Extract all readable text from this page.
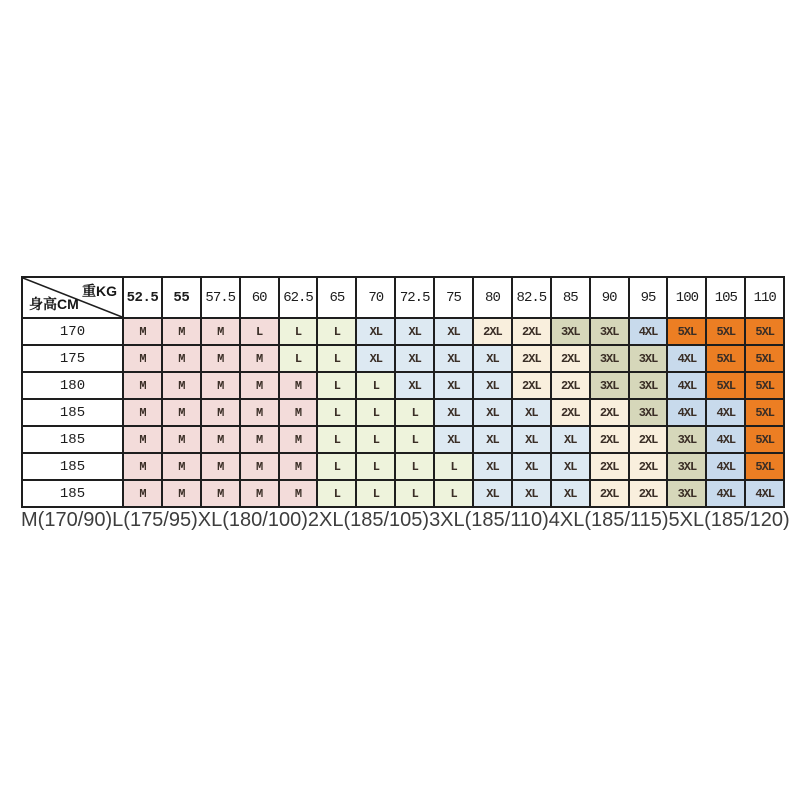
重KG
身高CM	52.5	55	57.5	60	62.5	65	70	72.5	75	80	82.5	85	90	95	100	105	110
170	M	M	M	L	L	L	XL	XL	XL	2XL	2XL	3XL	3XL	4XL	5XL	5XL	5XL
175	M	M	M	M	L	L	XL	XL	XL	XL	2XL	2XL	3XL	3XL	4XL	5XL	5XL
180	M	M	M	M	M	L	L	XL	XL	XL	2XL	2XL	3XL	3XL	4XL	5XL	5XL
185	M	M	M	M	M	L	L	L	XL	XL	XL	2XL	2XL	3XL	4XL	4XL	5XL
185	M	M	M	M	M	L	L	L	XL	XL	XL	XL	2XL	2XL	3XL	4XL	5XL
185	M	M	M	M	M	L	L	L	L	XL	XL	XL	2XL	2XL	3XL	4XL	5XL
185	M	M	M	M	M	L	L	L	L	XL	XL	XL	2XL	2XL	3XL	4XL	4XL
M(170/90) L(175/95) XL(180/100) 2XL(185/105) 3XL(185/110) 4XL(185/115) 5XL(185/120)
